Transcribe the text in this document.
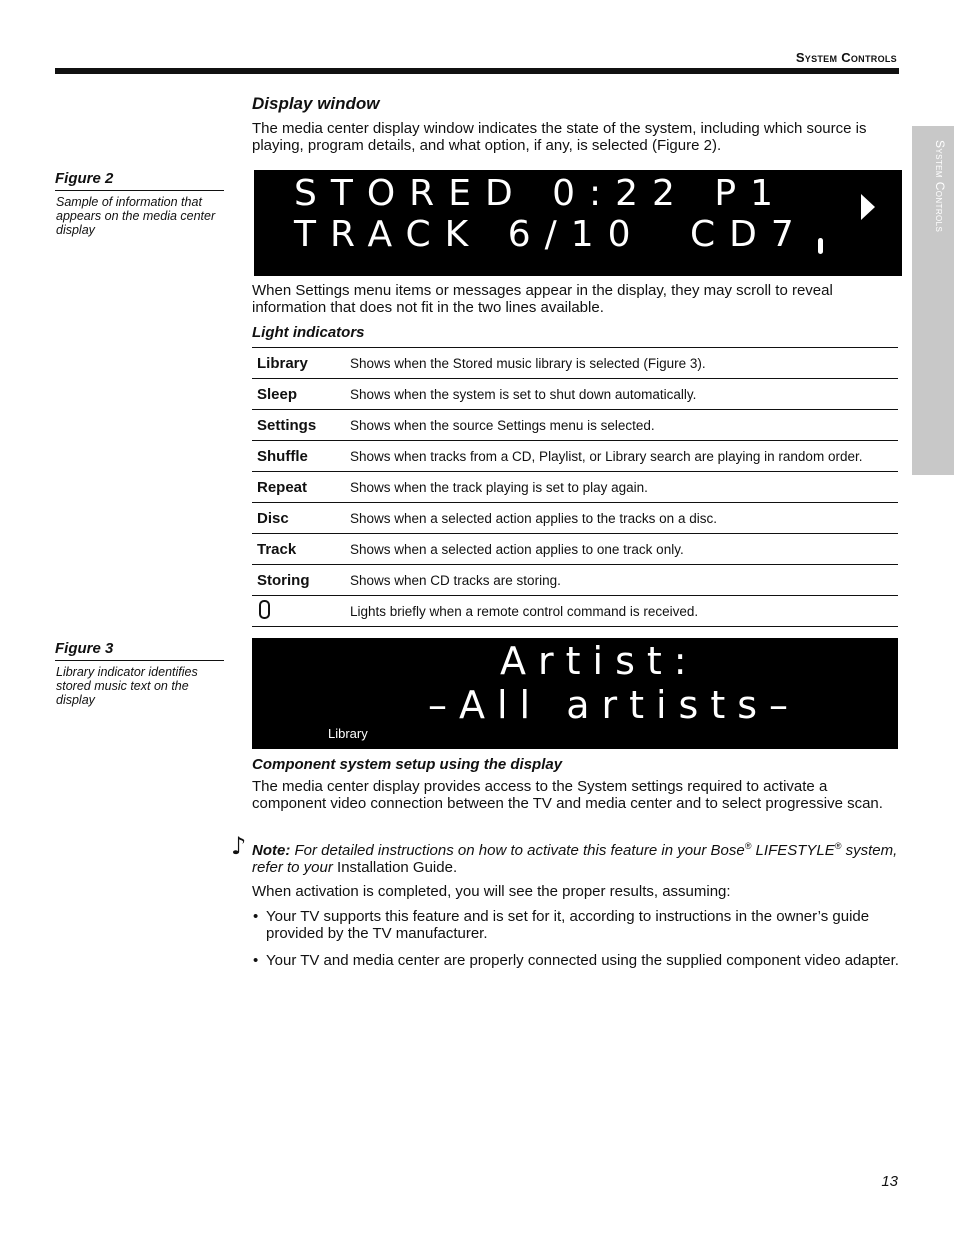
System Controls
System Controls
Display window
The media center display window indicates the state of the system, including which source is playing, program details, and what option, if any, is selected (Figure 2).
Figure 2
Sample of information that appears on the media center display
STORED 0:22 P1
TRACK 6/10 CD7
When Settings menu items or messages appear in the display, they may scroll to reveal information that does not fit in the two lines available.
Light indicators
Library	Shows when the Stored music library is selected (Figure 3).
Sleep	Shows when the system is set to shut down automatically.
Settings	Shows when the source Settings menu is selected.
Shuffle	Shows when tracks from a CD, Playlist, or Library search are playing in random order.
Repeat	Shows when the track playing is set to play again.
Disc	Shows when a selected action applies to the tracks on a disc.
Track	Shows when a selected action applies to one track only.
Storing	Shows when CD tracks are storing.
	Lights briefly when a remote control command is received.
Figure 3
Library indicator identifies stored music text on the display
Artist:
–All artists–
Library
Component system setup using the display
The media center display provides access to the System settings required to activate a component video connection between the TV and media center and to select progressive scan.
♪ Note: For detailed instructions on how to activate this feature in your Bose® LIFESTYLE® system, refer to your Installation Guide.
When activation is completed, you will see the proper results, assuming:
• Your TV supports this feature and is set for it, according to instructions in the owner’s guide provided by the TV manufacturer.
• Your TV and media center are properly connected using the supplied component video adapter.
13
